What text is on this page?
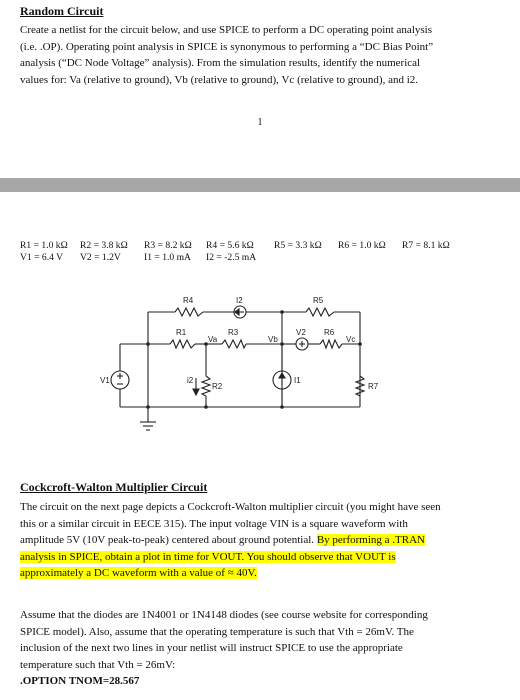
Random Circuit
Create a netlist for the circuit below, and use SPICE to perform a DC operating point analysis
(i.e. .OP). Operating point analysis in SPICE is synonymous to performing a “DC Bias Point”
analysis (“DC Node Voltage” analysis). From the simulation results, identify the numerical
values for: Va (relative to ground), Vb (relative to ground), Vc (relative to ground), and i2.
1
R1 = 1.0 kΩ R2 = 3.8 kΩ R3 = 8.2 kΩ R4 = 5.6 kΩ R5 = 3.3 kΩ R6 = 1.0 kΩ R7 = 8.1 kΩ
V1 = 6.4 V V2 = 1.2V I1 = 1.0 mA I2 = -2.5 mA
R4	I2	R5
R1	R3
Va	Vb
V2 R6
Vc
V1	i2
R2
I1
R7
Cockcroft-Walton Multiplier Circuit
The circuit on the next page depicts a Cockcroft-Walton multiplier circuit (you might have seen
this or a similar circuit in EECE 315). The input voltage VIN is a square waveform with
amplitude 5V (10V peak-to-peak) centered about ground potential. By performing a .TRAN
analysis in SPICE, obtain a plot in time for VOUT. You should observe that VOUT is
approximately a DC waveform with a value of ≈ 40V.
Assume that the diodes are 1N4001 or 1N4148 diodes (see course website for corresponding
SPICE model). Also, assume that the operating temperature is such that Vth = 26mV. The
inclusion of the next two lines in your netlist will instruct SPICE to use the appropriate
temperature such that Vth = 26mV:
.OPTION TNOM=28.567
